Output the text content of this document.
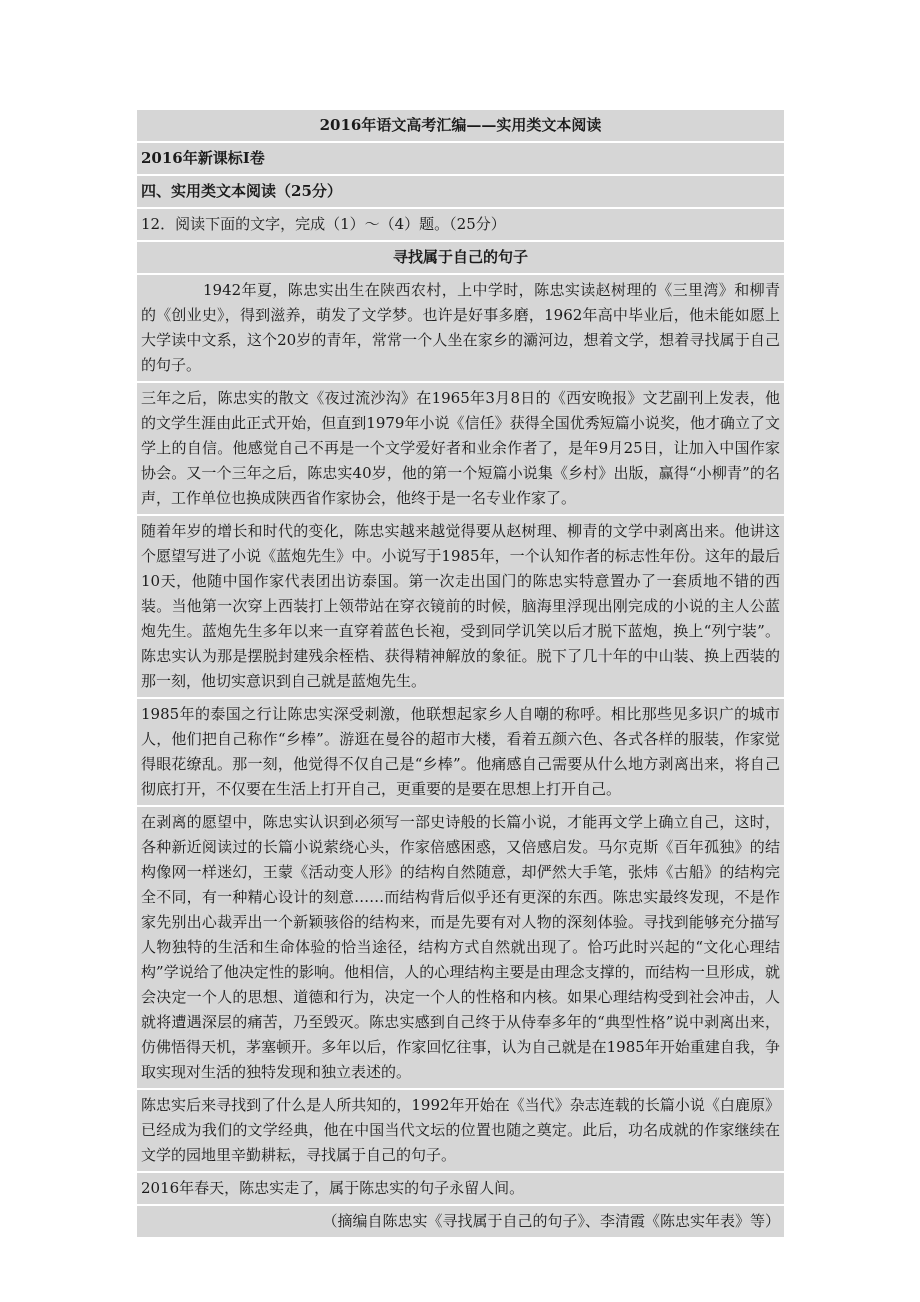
2016年语文高考汇编——实用类文本阅读
2016年新课标Ⅰ卷
四、实用类文本阅读（25分）
12．阅读下面的文字，完成（1）～（4）题。（25分）
寻找属于自己的句子
1942年夏，陈忠实出生在陕西农村，上中学时，陈忠实读赵树理的《三里湾》和柳青的《创业史》，得到滋养，萌发了文学梦。也许是好事多磨，1962年高中毕业后，他未能如愿上大学读中文系，这个20岁的青年，常常一个人坐在家乡的灞河边，想着文学，想着寻找属于自己的句子。
三年之后，陈忠实的散文《夜过流沙沟》在1965年3月8日的《西安晚报》文艺副刊上发表，他的文学生涯由此正式开始，但直到1979年小说《信任》获得全国优秀短篇小说奖，他才确立了文学上的自信。他感觉自己不再是一个文学爱好者和业余作者了，是年9月25日，让加入中国作家协会。又一个三年之后，陈忠实40岁，他的第一个短篇小说集《乡村》出版，赢得“小柳青”的名声，工作单位也换成陕西省作家协会，他终于是一名专业作家了。
随着年岁的增长和时代的变化，陈忠实越来越觉得要从赵树理、柳青的文学中剥离出来。他讲这个愿望写进了小说《蓝炮先生》中。小说写于1985年，一个认知作者的标志性年份。这年的最后10天，他随中国作家代表团出访泰国。第一次走出国门的陈忠实特意置办了一套质地不错的西装。当他第一次穿上西装打上领带站在穿衣镜前的时候，脑海里浮现出刚完成的小说的主人公蓝炮先生。蓝炮先生多年以来一直穿着蓝色长袍，受到同学讥笑以后才脱下蓝炮，换上“列宁装”。陈忠实认为那是摆脱封建残余桎梏、获得精神解放的象征。脱下了几十年的中山装、换上西装的那一刻，他切实意识到自己就是蓝炮先生。
1985年的泰国之行让陈忠实深受刺激，他联想起家乡人自嘲的称呼。相比那些见多识广的城市人，他们把自己称作“乡棒”。游逛在曼谷的超市大楼，看着五颜六色、各式各样的服装，作家觉得眼花缭乱。那一刻，他觉得不仅自己是“乡棒”。他痛感自己需要从什么地方剥离出来，将自己彻底打开，不仅要在生活上打开自己，更重要的是要在思想上打开自己。
在剥离的愿望中，陈忠实认识到必须写一部史诗般的长篇小说，才能再文学上确立自己，这时，各种新近阅读过的长篇小说萦绕心头，作家倍感困惑，又倍感启发。马尔克斯《百年孤独》的结构像网一样迷幻，王蒙《活动变人形》的结构自然随意，却俨然大手笔，张炜《古船》的结构完全不同，有一种精心设计的刻意……而结构背后似乎还有更深的东西。陈忠实最终发现，不是作家先别出心裁弄出一个新颖骇俗的结构来，而是先要有对人物的深刻体验。寻找到能够充分描写人物独特的生活和生命体验的恰当途径，结构方式自然就出现了。恰巧此时兴起的“文化心理结构”学说给了他决定性的影响。他相信，人的心理结构主要是由理念支撑的，而结构一旦形成，就会决定一个人的思想、道德和行为，决定一个人的性格和内核。如果心理结构受到社会冲击，人就将遭遇深层的痛苦，乃至毁灭。陈忠实感到自己终于从侍奉多年的“典型性格”说中剥离出来，仿佛悟得天机，茅塞顿开。多年以后，作家回忆往事，认为自己就是在1985年开始重建自我，争取实现对生活的独特发现和独立表述的。
陈忠实后来寻找到了什么是人所共知的，1992年开始在《当代》杂志连载的长篇小说《白鹿原》已经成为我们的文学经典，他在中国当代文坛的位置也随之奠定。此后，功名成就的作家继续在文学的园地里辛勤耕耘，寻找属于自己的句子。
2016年春天，陈忠实走了，属于陈忠实的句子永留人间。
（摘编自陈忠实《寻找属于自己的句子》、李清霞《陈忠实年表》等）
